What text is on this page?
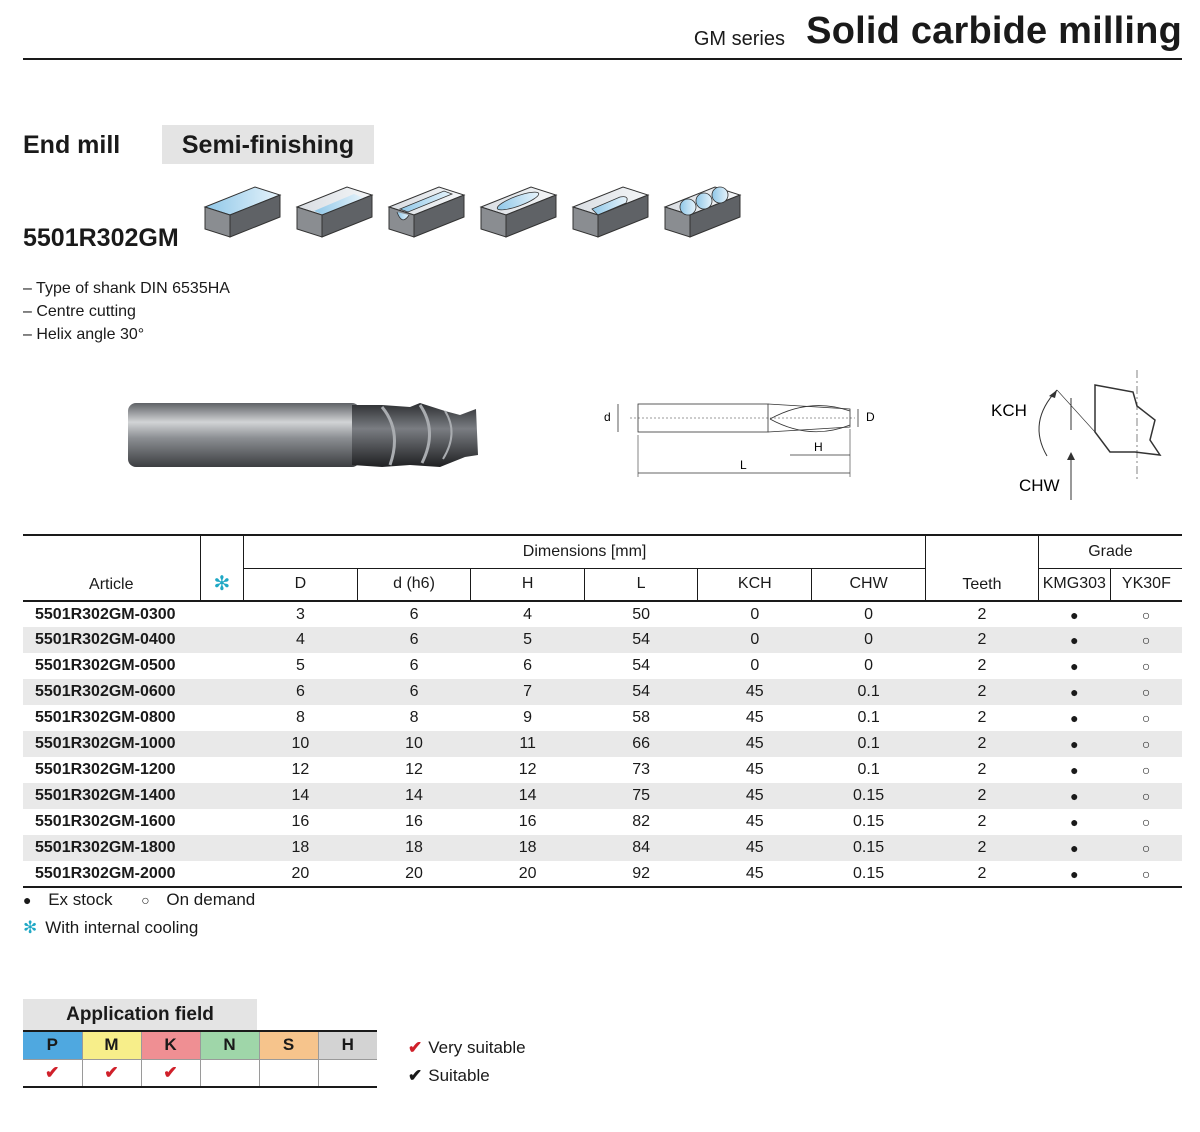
GM series Solid carbide milling
End mill	Semi-finishing
5501R302GM
– Type of shank DIN 6535HA
– Centre cutting
– Helix angle 30°
d	D
H
L
KCH
CHW
Article	✻	Dimensions [mm]						Teeth	Grade	
		D	d (h6)	H	L	KCH	CHW		KMG303	YK30F
5501R302GM-0300		3	6	4	50	0	0	2	●	○
5501R302GM-0400		4	6	5	54	0	0	2	●	○
5501R302GM-0500		5	6	6	54	0	0	2	●	○
5501R302GM-0600		6	6	7	54	45	0.1	2	●	○
5501R302GM-0800		8	8	9	58	45	0.1	2	●	○
5501R302GM-1000		10	10	11	66	45	0.1	2	●	○
5501R302GM-1200		12	12	12	73	45	0.1	2	●	○
5501R302GM-1400		14	14	14	75	45	0.15	2	●	○
5501R302GM-1600		16	16	16	82	45	0.15	2	●	○
5501R302GM-1800		18	18	18	84	45	0.15	2	●	○
5501R302GM-2000		20	20	20	92	45	0.15	2	●	○
● Ex stock ○ On demand
✻ With internal cooling
Application field
P	M	K	N	S	H
✔	✔	✔			
✔ Very suitable
✔ Suitable
